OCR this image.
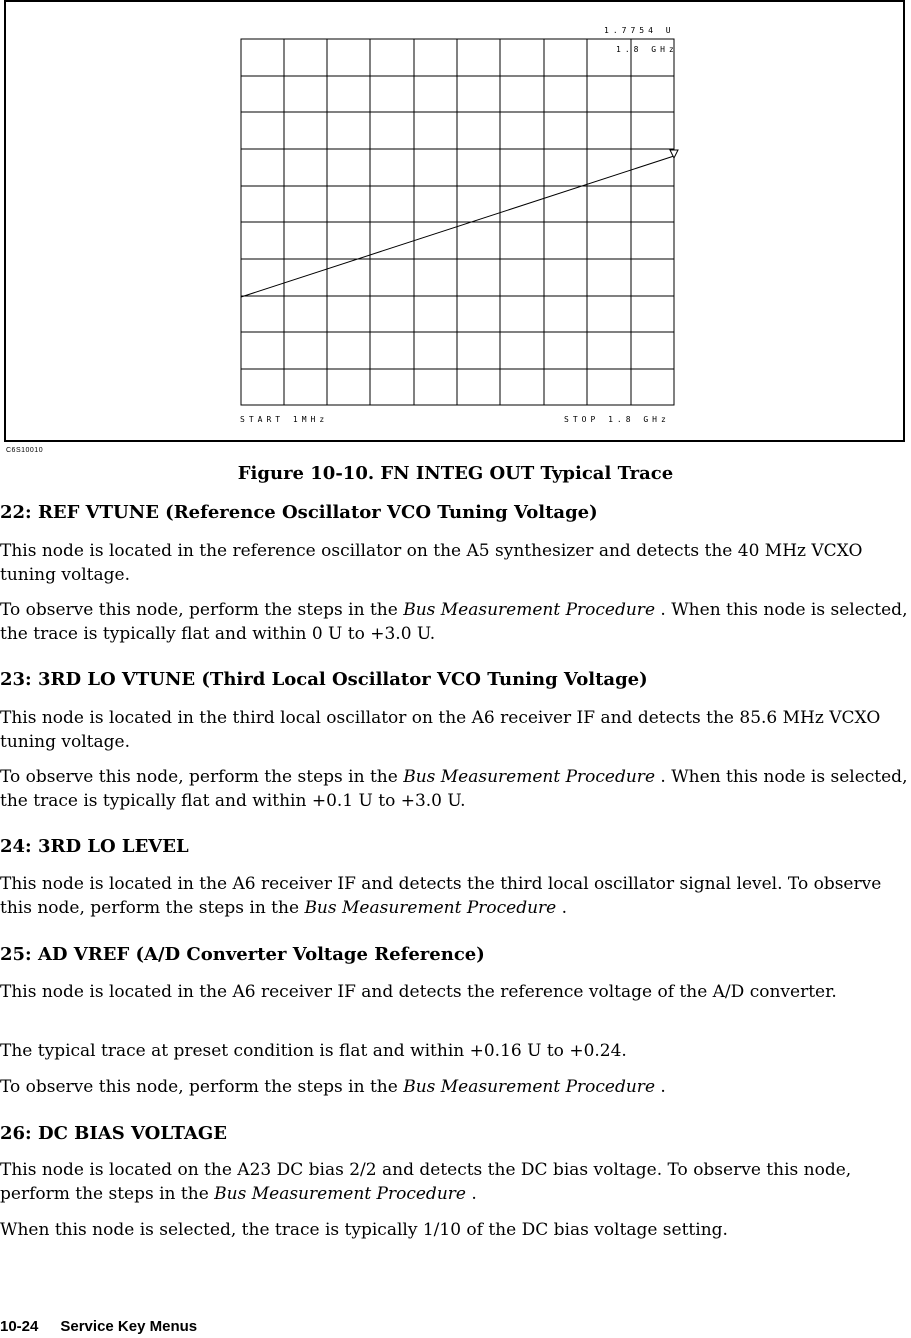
1.7754 U
1.8 GHz
START 1MHz	STOP 1.8 GHz
C6S10010
Figure 10-10. FN INTEG OUT Typical Trace
22: REF VTUNE (Reference Oscillator VCO Tuning Voltage)
This node is located in the reference oscillator on the A5 synthesizer and detects the 40 MHz VCXO tuning voltage.
To observe this node, perform the steps in the Bus Measurement Procedure . When this node is selected, the trace is typically flat and within 0 U to +3.0 U.
23: 3RD LO VTUNE (Third Local Oscillator VCO Tuning Voltage)
This node is located in the third local oscillator on the A6 receiver IF and detects the 85.6 MHz VCXO tuning voltage.
To observe this node, perform the steps in the Bus Measurement Procedure . When this node is selected, the trace is typically flat and within +0.1 U to +3.0 U.
24: 3RD LO LEVEL
This node is located in the A6 receiver IF and detects the third local oscillator signal level. To observe this node, perform the steps in the Bus Measurement Procedure .
25: AD VREF (A/D Converter Voltage Reference)
This node is located in the A6 receiver IF and detects the reference voltage of the A/D converter.
The typical trace at preset condition is flat and within +0.16 U to +0.24.
To observe this node, perform the steps in the Bus Measurement Procedure .
26: DC BIAS VOLTAGE
This node is located on the A23 DC bias 2/2 and detects the DC bias voltage. To observe this node, perform the steps in the Bus Measurement Procedure .
When this node is selected, the trace is typically 1/10 of the DC bias voltage setting.
10-24 Service Key Menus
